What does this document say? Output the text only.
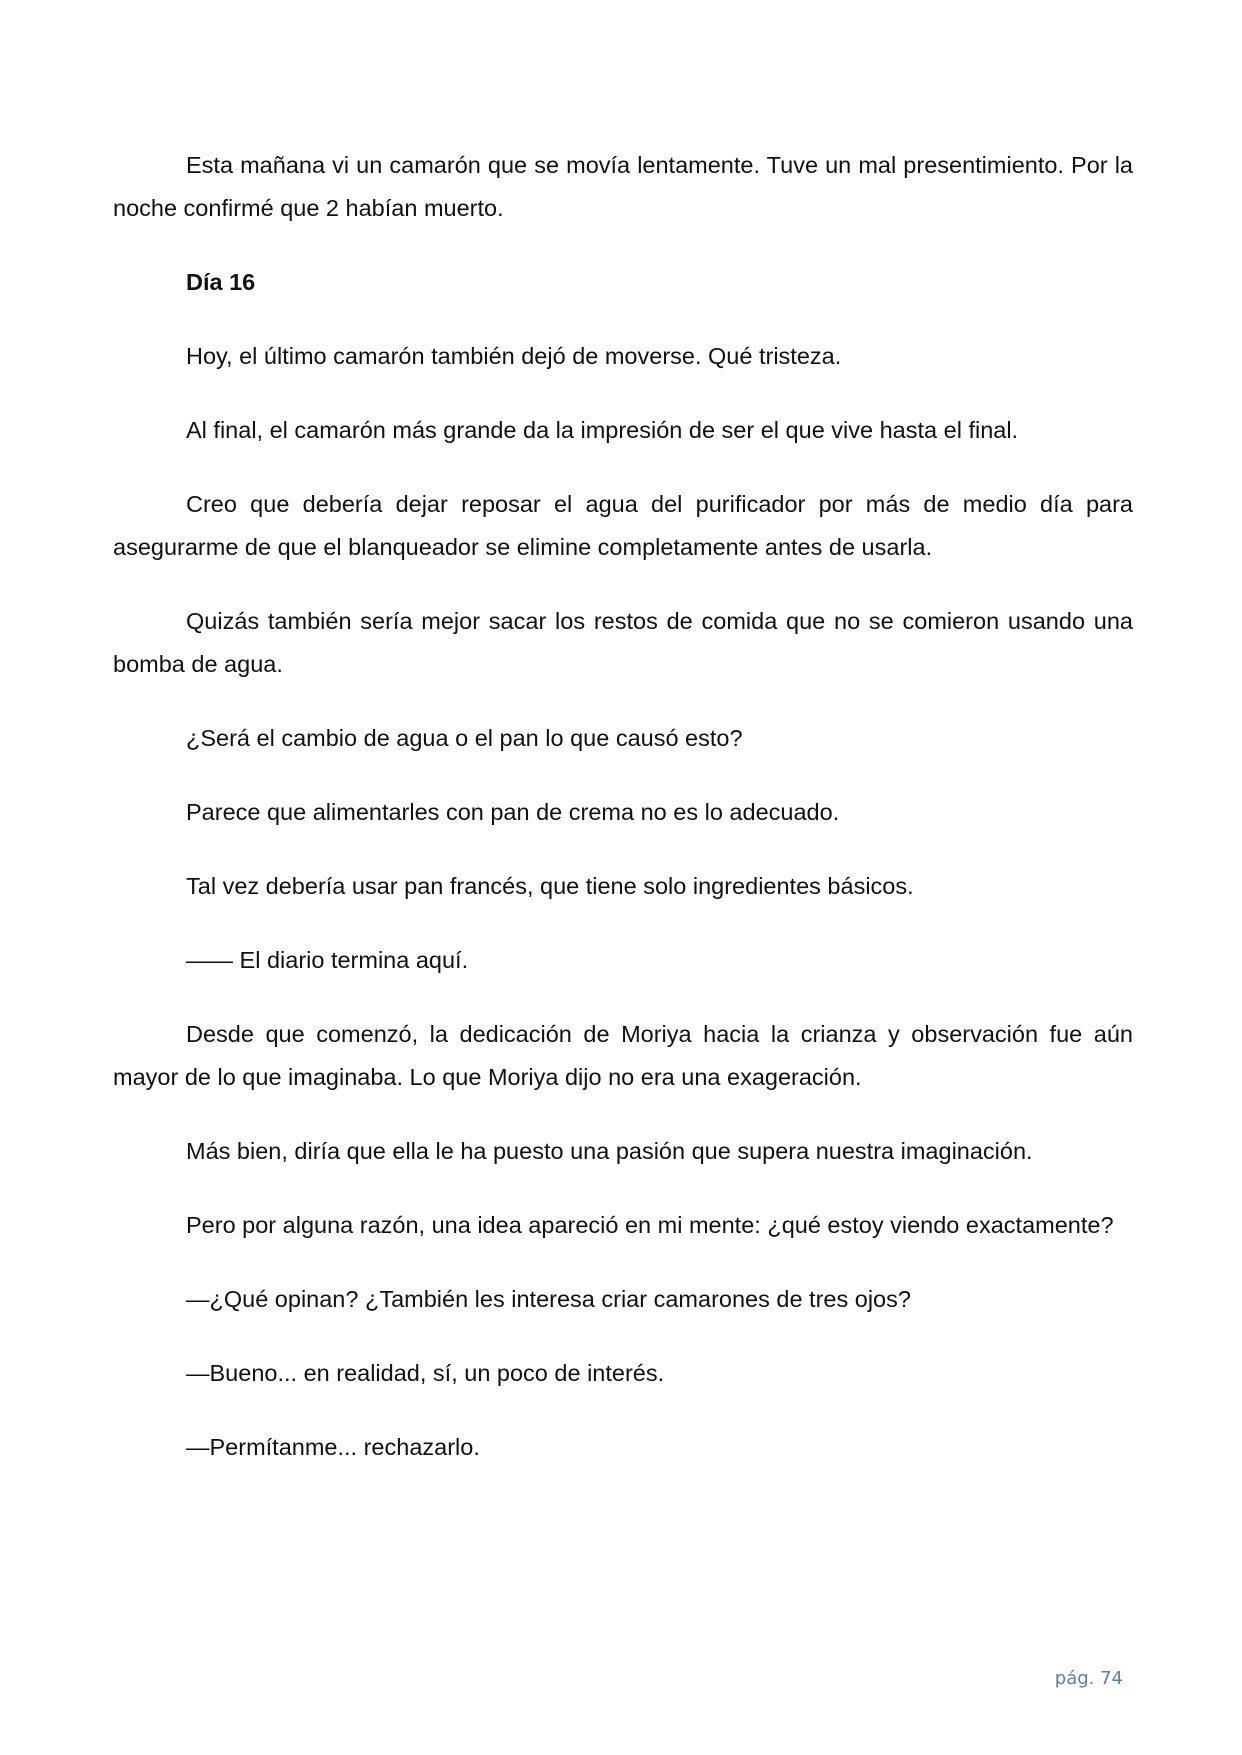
Esta mañana vi un camarón que se movía lentamente. Tuve un mal presentimiento. Por la noche confirmé que 2 habían muerto.

Día 16

Hoy, el último camarón también dejó de moverse. Qué tristeza.

Al final, el camarón más grande da la impresión de ser el que vive hasta el final.

Creo que debería dejar reposar el agua del purificador por más de medio día para asegurarme de que el blanqueador se elimine completamente antes de usarla.

Quizás también sería mejor sacar los restos de comida que no se comieron usando una bomba de agua.

¿Será el cambio de agua o el pan lo que causó esto?

Parece que alimentarles con pan de crema no es lo adecuado.

Tal vez debería usar pan francés, que tiene solo ingredientes básicos.

—— El diario termina aquí.

Desde que comenzó, la dedicación de Moriya hacia la crianza y observación fue aún mayor de lo que imaginaba. Lo que Moriya dijo no era una exageración.

Más bien, diría que ella le ha puesto una pasión que supera nuestra imaginación.

Pero por alguna razón, una idea apareció en mi mente: ¿qué estoy viendo exactamente?

—¿Qué opinan? ¿También les interesa criar camarones de tres ojos?

—Bueno... en realidad, sí, un poco de interés.

—Permítanme... rechazarlo.

pág. 74
